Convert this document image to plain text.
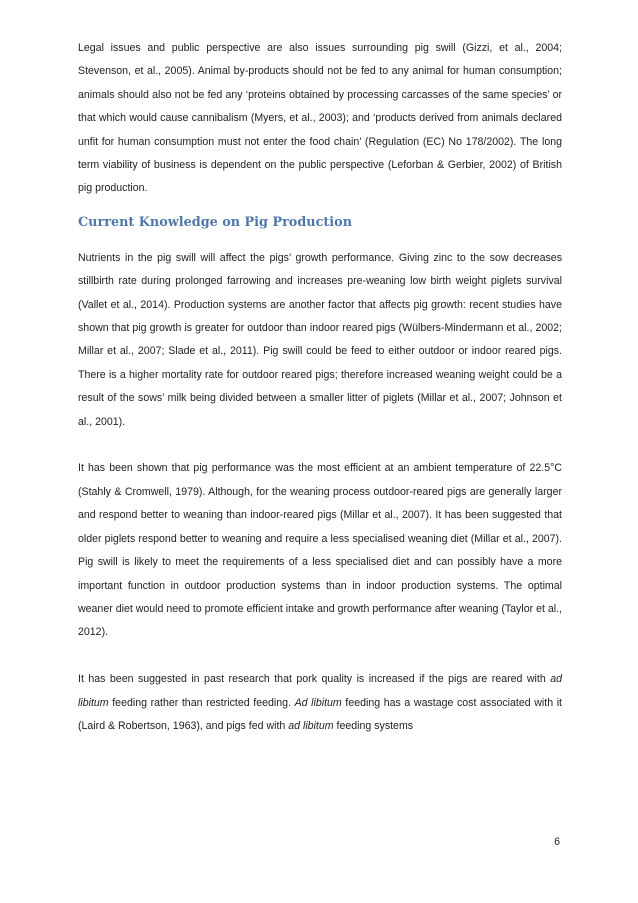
Legal issues and public perspective are also issues surrounding pig swill (Gizzi, et al., 2004; Stevenson, et al., 2005). Animal by-products should not be fed to any animal for human consumption; animals should also not be fed any ‘proteins obtained by processing carcasses of the same species’ or that which would cause cannibalism (Myers, et al., 2003); and ‘products derived from animals declared unfit for human consumption must not enter the food chain’ (Regulation (EC) No 178/2002). The long term viability of business is dependent on the public perspective (Leforban & Gerbier, 2002) of British pig production.

Current Knowledge on Pig Production

Nutrients in the pig swill will affect the pigs’ growth performance. Giving zinc to the sow decreases stillbirth rate during prolonged farrowing and increases pre-weaning low birth weight piglets survival (Vallet et al., 2014). Production systems are another factor that affects pig growth: recent studies have shown that pig growth is greater for outdoor than indoor reared pigs (Wülbers-Mindermann et al., 2002; Millar et al., 2007; Slade et al., 2011). Pig swill could be feed to either outdoor or indoor reared pigs. There is a higher mortality rate for outdoor reared pigs; therefore increased weaning weight could be a result of the sows’ milk being divided between a smaller litter of piglets (Millar et al., 2007; Johnson et al., 2001).

It has been shown that pig performance was the most efficient at an ambient temperature of 22.5°C (Stahly & Cromwell, 1979). Although, for the weaning process outdoor-reared pigs are generally larger and respond better to weaning than indoor-reared pigs (Millar et al., 2007). It has been suggested that older piglets respond better to weaning and require a less specialised weaning diet (Millar et al., 2007). Pig swill is likely to meet the requirements of a less specialised diet and can possibly have a more important function in outdoor production systems than in indoor production systems. The optimal weaner diet would need to promote efficient intake and growth performance after weaning (Taylor et al., 2012).

It has been suggested in past research that pork quality is increased if the pigs are reared with ad libitum feeding rather than restricted feeding. Ad libitum feeding has a wastage cost associated with it (Laird & Robertson, 1963), and pigs fed with ad libitum feeding systems

6
